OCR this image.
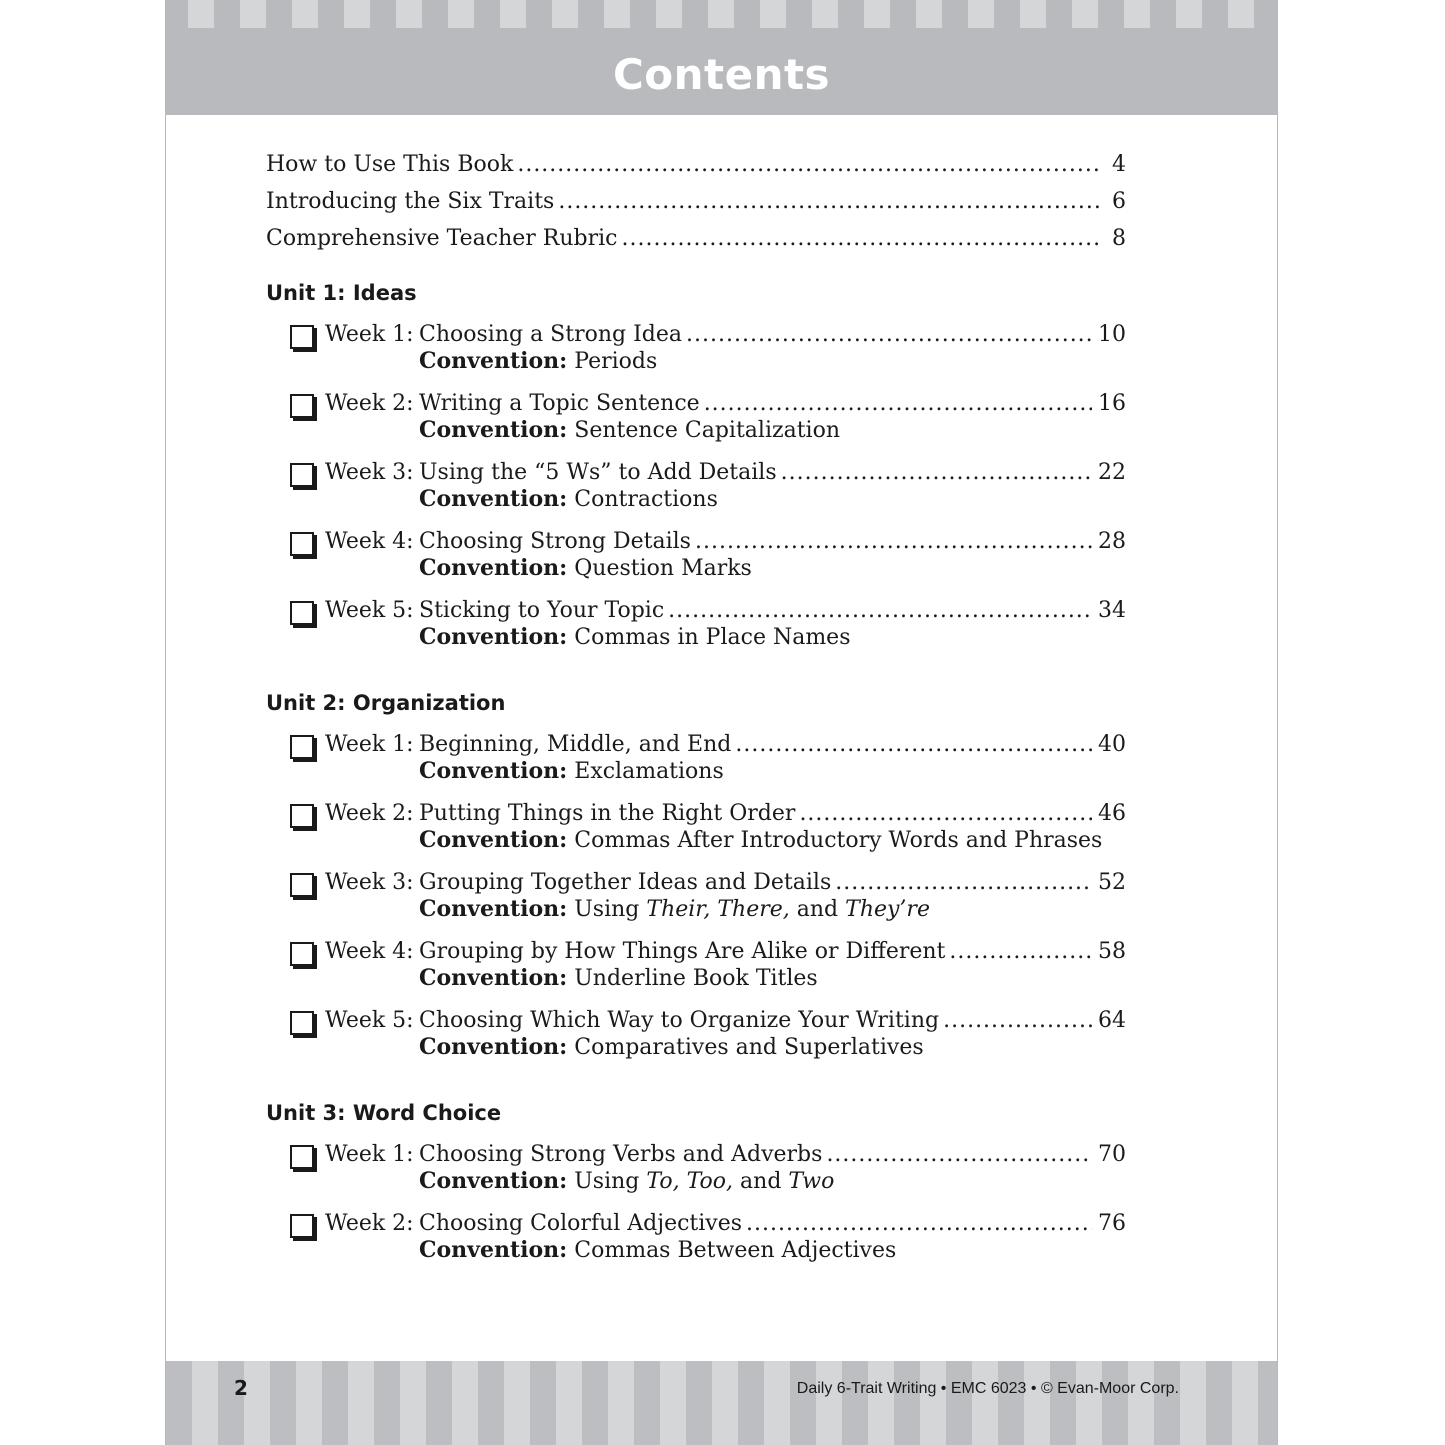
Contents
How to Use This Book .....	4
Introducing the Six Traits .....	6
Comprehensive Teacher Rubric .....	8
Unit 1: Ideas
Week 1: Choosing a Strong Idea .....	10
Convention: Periods
Week 2: Writing a Topic Sentence .....	16
Convention: Sentence Capitalization
Week 3: Using the “5 Ws” to Add Details .....	22
Convention: Contractions
Week 4: Choosing Strong Details .....	28
Convention: Question Marks
Week 5: Sticking to Your Topic .....	34
Convention: Commas in Place Names
Unit 2: Organization
Week 1: Beginning, Middle, and End .....	40
Convention: Exclamations
Week 2: Putting Things in the Right Order .....	46
Convention: Commas After Introductory Words and Phrases
Week 3: Grouping Together Ideas and Details .....	52
Convention: Using Their, There, and They’re
Week 4: Grouping by How Things Are Alike or Different .....	58
Convention: Underline Book Titles
Week 5: Choosing Which Way to Organize Your Writing .....	64
Convention: Comparatives and Superlatives
Unit 3: Word Choice
Week 1: Choosing Strong Verbs and Adverbs .....	70
Convention: Using To, Too, and Two
Week 2: Choosing Colorful Adjectives .....	76
Convention: Commas Between Adjectives
2	Daily 6-Trait Writing • EMC 6023 • © Evan-Moor Corp.
